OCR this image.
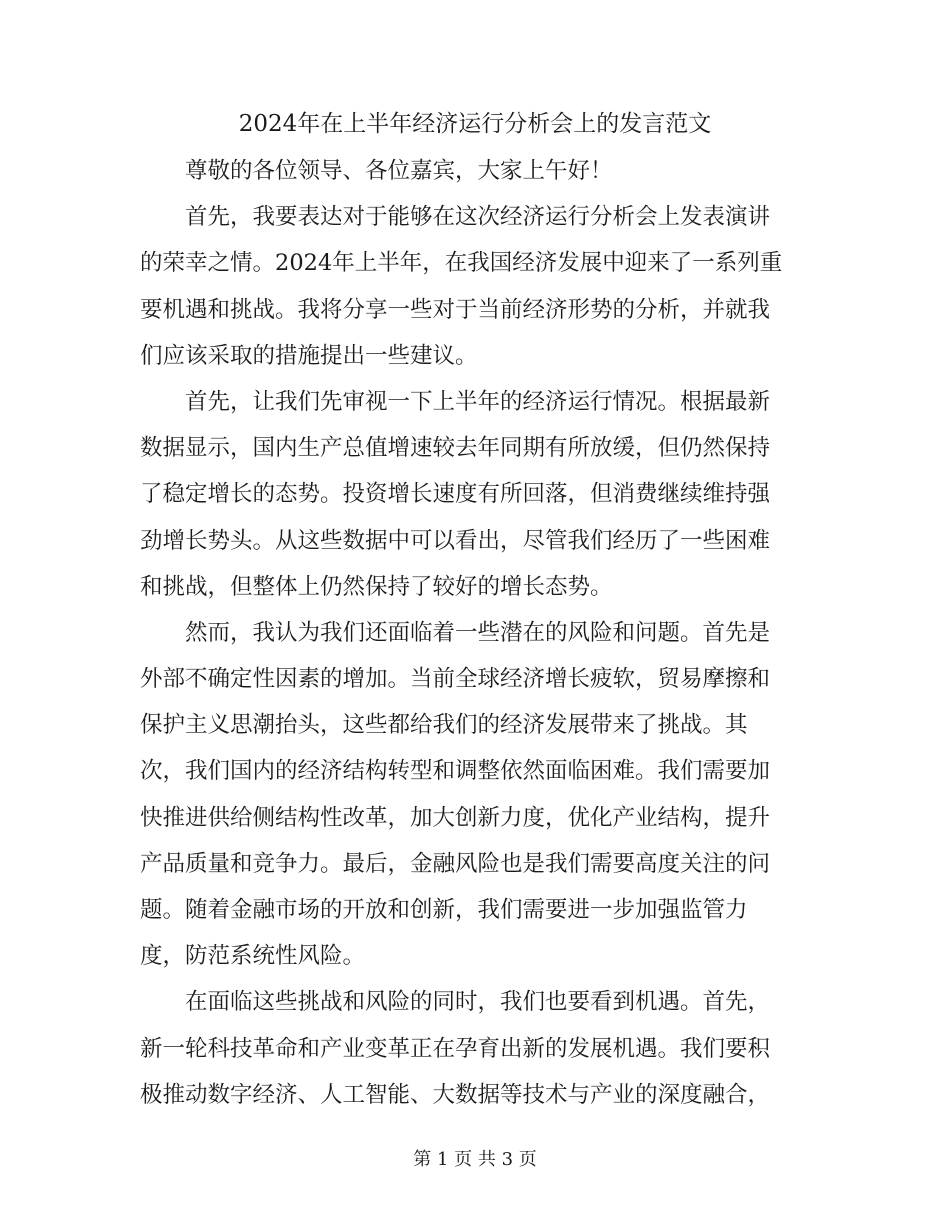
2024年在上半年经济运行分析会上的发言范文

尊敬的各位领导、各位嘉宾，大家上午好！

首先，我要表达对于能够在这次经济运行分析会上发表演讲
的荣幸之情。2024年上半年，在我国经济发展中迎来了一系列重
要机遇和挑战。我将分享一些对于当前经济形势的分析，并就我
们应该采取的措施提出一些建议。

首先，让我们先审视一下上半年的经济运行情况。根据最新
数据显示，国内生产总值增速较去年同期有所放缓，但仍然保持
了稳定增长的态势。投资增长速度有所回落，但消费继续维持强
劲增长势头。从这些数据中可以看出，尽管我们经历了一些困难
和挑战，但整体上仍然保持了较好的增长态势。

然而，我认为我们还面临着一些潜在的风险和问题。首先是
外部不确定性因素的增加。当前全球经济增长疲软，贸易摩擦和
保护主义思潮抬头，这些都给我们的经济发展带来了挑战。其
次，我们国内的经济结构转型和调整依然面临困难。我们需要加
快推进供给侧结构性改革，加大创新力度，优化产业结构，提升
产品质量和竞争力。最后，金融风险也是我们需要高度关注的问
题。随着金融市场的开放和创新，我们需要进一步加强监管力
度，防范系统性风险。

在面临这些挑战和风险的同时，我们也要看到机遇。首先，
新一轮科技革命和产业变革正在孕育出新的发展机遇。我们要积
极推动数字经济、人工智能、大数据等技术与产业的深度融合，

第 1 页 共 3 页
